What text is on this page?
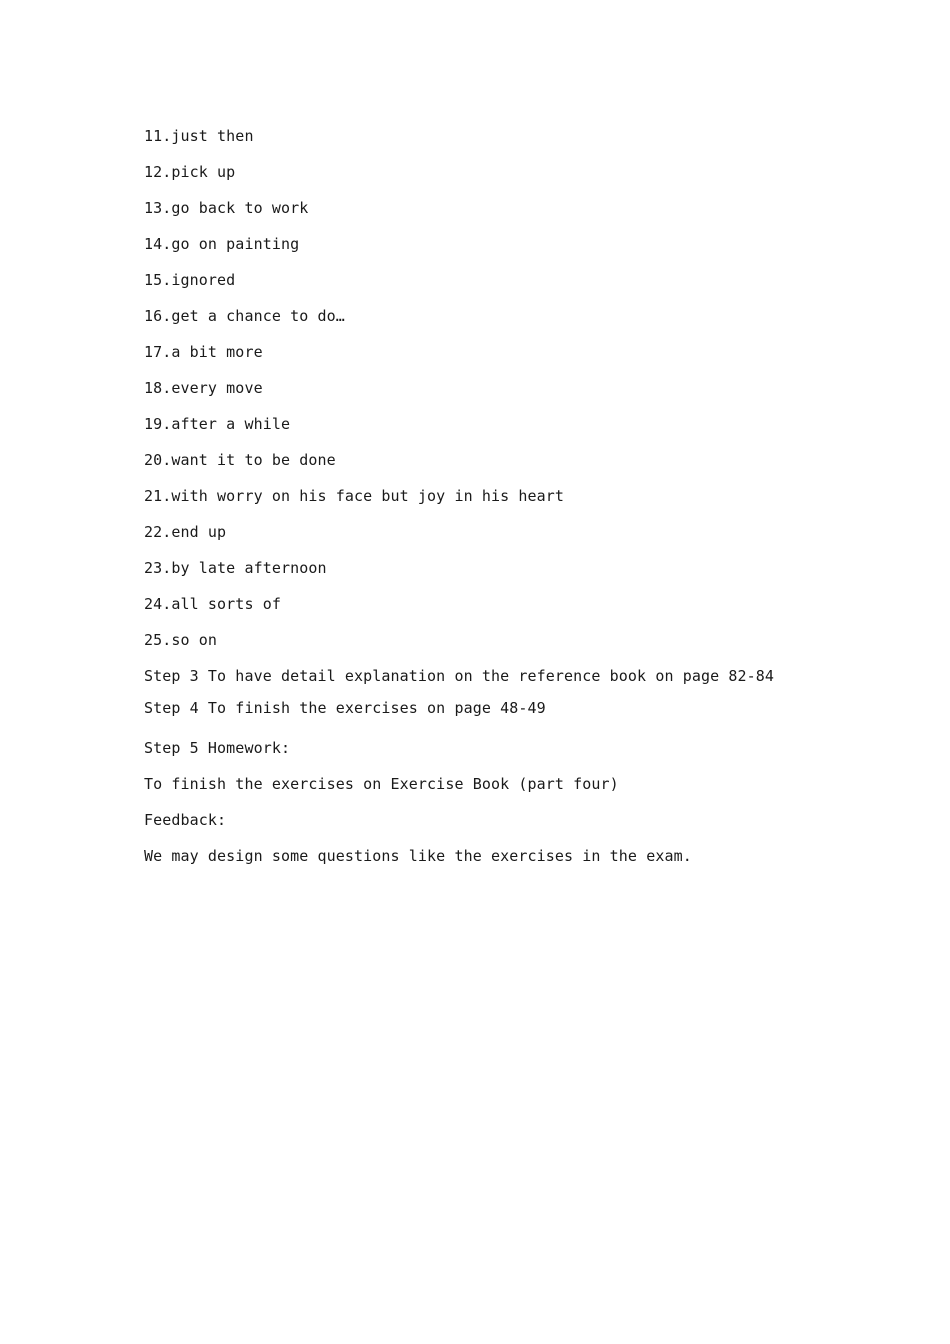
11.just then
12.pick up
13.go back to work
14.go on painting
15.ignored
16.get a chance to do…
17.a bit more
18.every move
19.after a while
20.want it to be done
21.with worry on his face but joy in his heart
22.end up
23.by late afternoon
24.all sorts of
25.so on
Step 3 To have detail explanation on the reference book on page 82-84
Step 4 To finish the exercises on page 48-49
Step 5 Homework:
To finish the exercises on Exercise Book (part four)
Feedback:
We may design some questions like the exercises in the exam.
